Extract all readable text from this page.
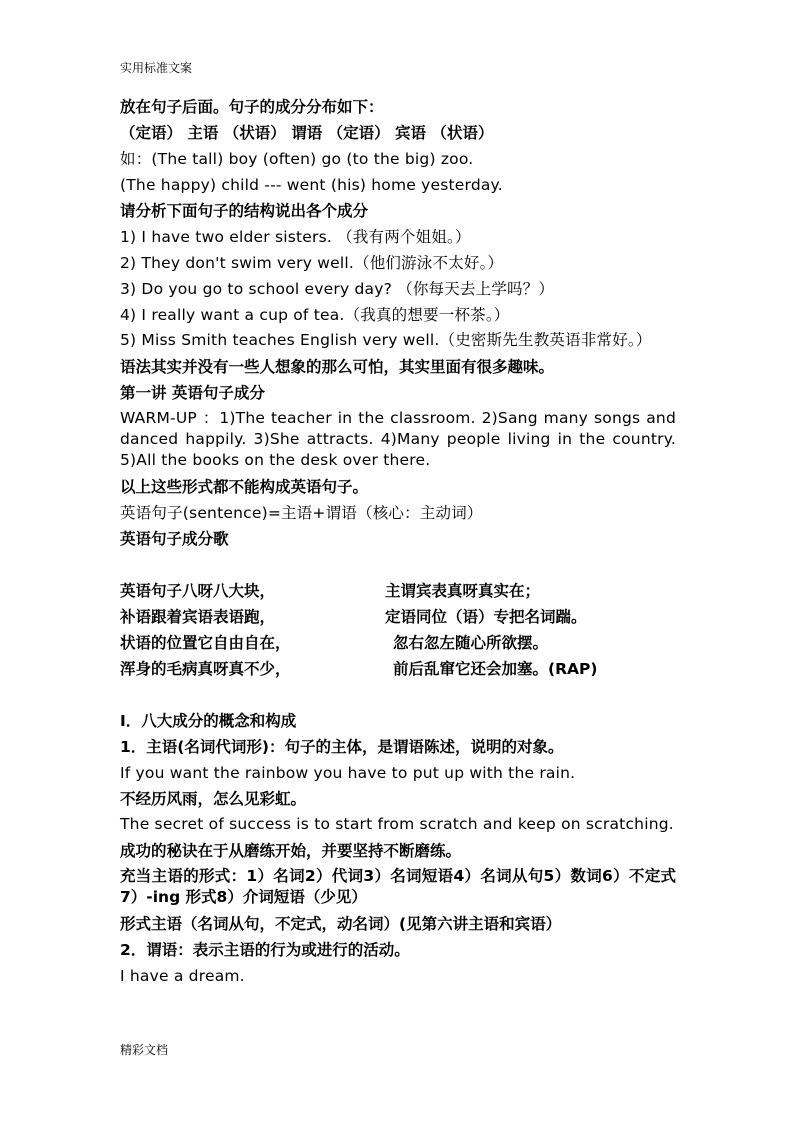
实用标准文案
放在句子后面。句子的成分分布如下：
（定语） 主语 （状语） 谓语 （定语） 宾语 （状语）
如：(The tall) boy (often) go (to the big) zoo.
(The happy) child --- went (his) home yesterday.
请分析下面句子的结构说出各个成分
1) I have two elder sisters. （我有两个姐姐。）
2) They don't swim very well.（他们游泳不太好。）
3) Do you go to school every day? （你每天去上学吗？）
4) I really want a cup of tea.（我真的想要一杯茶。）
5) Miss Smith teaches English very well.（史密斯先生教英语非常好。）
语法其实并没有一些人想象的那么可怕，其实里面有很多趣味。
第一讲 英语句子成分
WARM-UP ：1)The teacher in the classroom. 2)Sang many songs and danced happily. 3)She attracts. 4)Many people living in the country. 5)All the books on the desk over there.
以上这些形式都不能构成英语句子。
英语句子(sentence)=主语+谓语（核心：主动词）
英语句子成分歌
英语句子八呀八大块，	主谓宾表真呀真实在；
补语跟着宾语表语跑，	定语同位（语）专把名词踹。
状语的位置它自由自在，	忽右忽左随心所欲摆。
浑身的毛病真呀真不少，	前后乱窜它还会加塞。(RAP)
I．八大成分的概念和构成
1．主语(名词代词形)：句子的主体，是谓语陈述，说明的对象。
If you want the rainbow you have to put up with the rain.
不经历风雨，怎么见彩虹。
The secret of success is to start from scratch and keep on scratching.
成功的秘诀在于从磨练开始，并要坚持不断磨练。
充当主语的形式：1）名词2）代词3）名词短语4）名词从句5）数词6）不定式7）-ing 形式8）介词短语（少见）
形式主语（名词从句，不定式，动名词）(见第六讲主语和宾语）
2．谓语：表示主语的行为或进行的活动。
I have a dream.
精彩文档
